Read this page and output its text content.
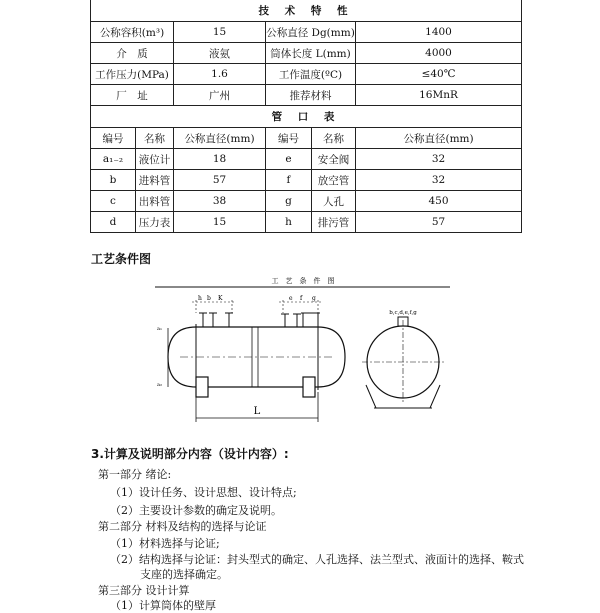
技 术 特 性			
公称容积(m³)	15	公称直径 Dg(mm)	1400
介　质	液氨	筒体长度 L(mm)	4000
工作压力(MPa)	1.6	工作温度(ºC)	≤40℃
厂　址	广州	推荐材料	16MnR
管 口 表					
编号	名称	公称直径(mm)	编号	名称	公称直径(mm)
a₁₋₂	液位计	18	e	安全阀	32
b	进料管	57	f	放空管	32
c	出料管	38	g	人孔	450
d	压力表	15	h	排污管	57
工艺条件图
工　艺　条　件　图
h b K	e f g
a₁
a₂
L
b,c,d,e,f,g
3.计算及说明部分内容（设计内容）:
第一部分 绪论:
（1）设计任务、设计思想、设计特点;
（2）主要设计参数的确定及说明。
第二部分 材料及结构的选择与论证
（1）材料选择与论证;
（2）结构选择与论证：封头型式的确定、人孔选择、法兰型式、液面计的选择、鞍式
支座的选择确定。
第三部分 设计计算
（1）计算筒体的壁厚
